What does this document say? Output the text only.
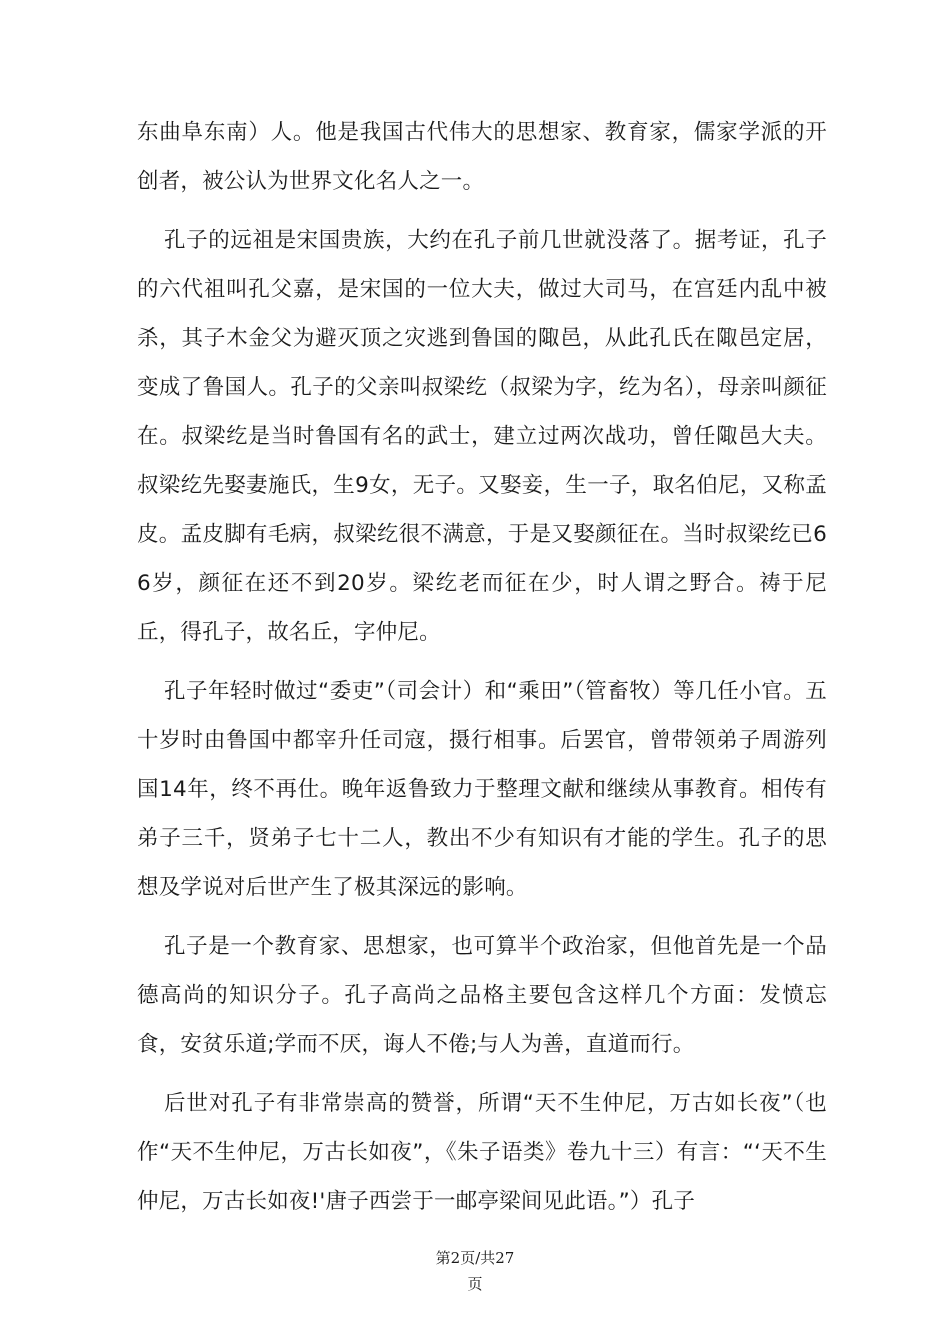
东曲阜东南）人。他是我国古代伟大的思想家、教育家，儒家学派的开创者，被公认为世界文化名人之一。

孔子的远祖是宋国贵族，大约在孔子前几世就没落了。据考证，孔子的六代祖叫孔父嘉，是宋国的一位大夫，做过大司马，在宫廷内乱中被杀，其子木金父为避灭顶之灾逃到鲁国的陬邑，从此孔氏在陬邑定居，变成了鲁国人。孔子的父亲叫叔梁纥（叔梁为字，纥为名），母亲叫颜征在。叔梁纥是当时鲁国有名的武士，建立过两次战功，曾任陬邑大夫。叔梁纥先娶妻施氏，生9女，无子。又娶妾，生一子，取名伯尼，又称孟皮。孟皮脚有毛病，叔梁纥很不满意，于是又娶颜征在。当时叔梁纥已66岁，颜征在还不到20岁。梁纥老而征在少，时人谓之野合。祷于尼丘，得孔子，故名丘，字仲尼。

孔子年轻时做过“委吏”（司会计）和“乘田”（管畜牧）等几任小官。五十岁时由鲁国中都宰升任司寇，摄行相事。后罢官，曾带领弟子周游列国14年，终不再仕。晚年返鲁致力于整理文献和继续从事教育。相传有弟子三千，贤弟子七十二人，教出不少有知识有才能的学生。孔子的思想及学说对后世产生了极其深远的影响。

孔子是一个教育家、思想家，也可算半个政治家，但他首先是一个品德高尚的知识分子。孔子高尚之品格主要包含这样几个方面：发愤忘食，安贫乐道;学而不厌，诲人不倦;与人为善，直道而行。

后世对孔子有非常崇高的赞誉，所谓“天不生仲尼，万古如长夜”（也作“天不生仲尼，万古长如夜”，《朱子语类》卷九十三）有言：“‘天不生仲尼，万古长如夜!'唐子西尝于一邮亭梁间见此语。”）孔子

第2页/共27
页
